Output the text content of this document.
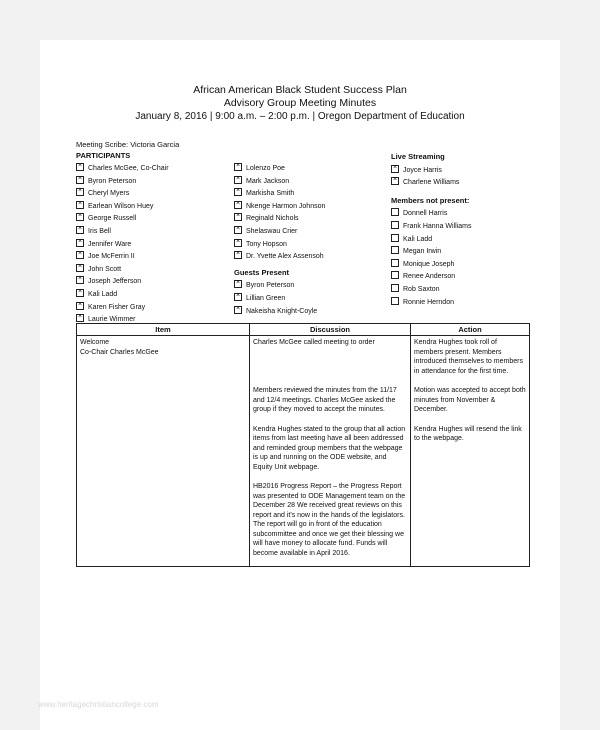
African American Black Student Success Plan
Advisory Group Meeting Minutes
January 8, 2016 | 9:00 a.m. – 2:00 p.m. | Oregon Department of Education
Meeting Scribe: Victoria Garcia
PARTICIPANTS
×Charles McGee, Co-Chair
×Byron Peterson
×Cheryl Myers
×Earlean Wilson Huey
×George Russell
×Iris Bell
×Jennifer Ware
×Joe McFerrin II
×John Scott
×Joseph Jefferson
×Kali Ladd
×Karen Fisher Gray
×Laurie Wimmer
×Lolenzo Poe
×Mark Jackson
×Markisha Smith
×Nkenge Harmon Johnson
×Reginald Nichols
×Shelaswau Crier
×Tony Hopson
×Dr. Yvette Alex Assensoh
Guests Present
×Byron Peterson
×Lillian Green
×Nakeisha Knight-Coyle
Live Streaming
×Joyce Harris
×Charlene Williams
Members not present:
Donnell Harris
Frank Hanna Williams
Kali Ladd
Megan Irwin
Monique Joseph
Renee Anderson
Rob Saxton
Ronnie Herndon
Item	Discussion	Action
Welcome
Co-Chair Charles McGee	Charles McGee called meeting to order	Kendra Hughes took roll of members present. Members introduced themselves to members in attendance for the first time.
	Members reviewed the minutes from the 11/17 and 12/4 meetings. Charles McGee asked the group if they moved to accept the minutes.	Motion was accepted to accept both minutes from November & December.
	Kendra Hughes stated to the group that all action items from last meeting have all been addressed and reminded group members that the webpage is up and running on the ODE website, and Equity Unit webpage.	Kendra Hughes will resend the link to the webpage.
	HB2016 Progress Report – the Progress Report was presented to ODE Management team on the December 28 We received great reviews on this report and it's now in the hands of the legislators. The report will go in front of the education subcommittee and once we get their blessing we will have money to allocate fund. Funds will become available in April 2016.	
www.heritagechristiancollege.com
